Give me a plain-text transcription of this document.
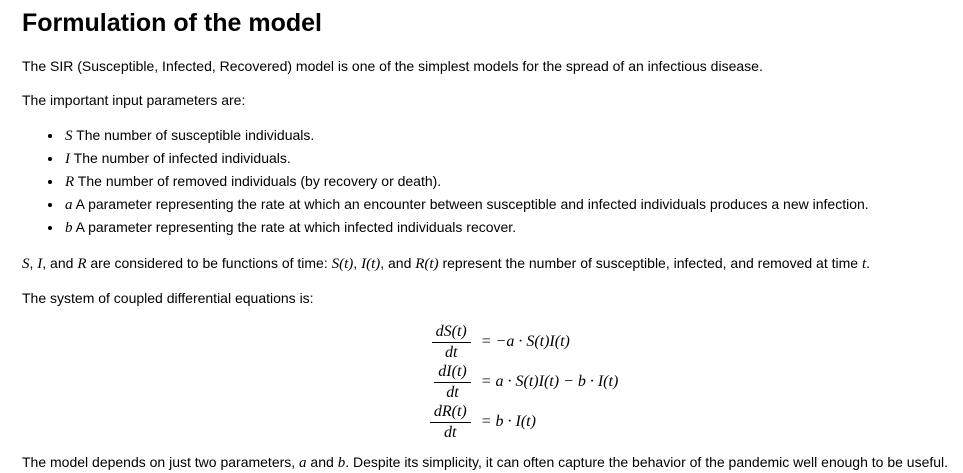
Formulation of the model

The SIR (Susceptible, Infected, Recovered) model is one of the simplest models for the spread of an infectious disease.

The important input parameters are:

• S The number of susceptible individuals.
• I The number of infected individuals.
• R The number of removed individuals (by recovery or death).
• a A parameter representing the rate at which an encounter between susceptible and infected individuals produces a new infection.
• b A parameter representing the rate at which infected individuals recover.

S, I, and R are considered to be functions of time: S(t), I(t), and R(t) represent the number of susceptible, infected, and removed at time t.

The system of coupled differential equations is:

$\frac{dS(t)}{dt} = -a \cdot S(t)I(t)$
$\frac{dI(t)}{dt} = a \cdot S(t)I(t) - b \cdot I(t)$
$\frac{dR(t)}{dt} = b \cdot I(t)$

The model depends on just two parameters, a and b. Despite its simplicity, it can often capture the behavior of the pandemic well enough to be useful.
